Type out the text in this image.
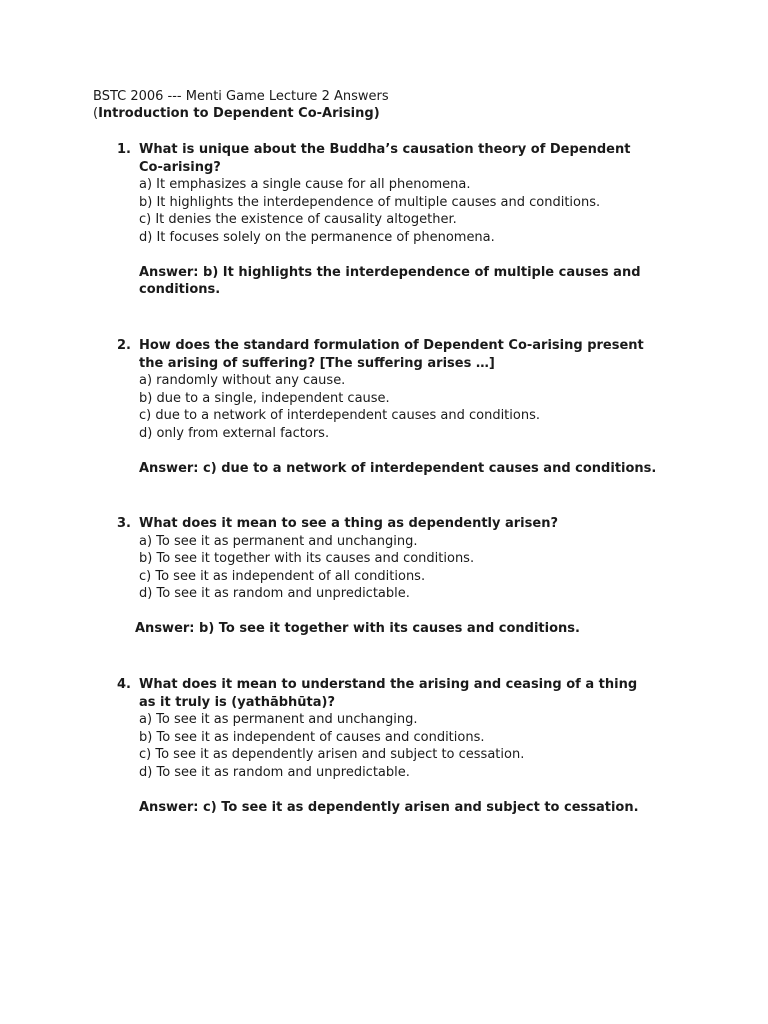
BSTC 2006 --- Menti Game Lecture 2 Answers
(Introduction to Dependent Co-Arising)
1. What is unique about the Buddha’s causation theory of Dependent Co-arising?
a) It emphasizes a single cause for all phenomena.
b) It highlights the interdependence of multiple causes and conditions.
c) It denies the existence of causality altogether.
d) It focuses solely on the permanence of phenomena.
Answer: b) It highlights the interdependence of multiple causes and conditions.
2. How does the standard formulation of Dependent Co-arising present the arising of suffering? [The suffering arises …]
a) randomly without any cause.
b) due to a single, independent cause.
c) due to a network of interdependent causes and conditions.
d) only from external factors.
Answer: c) due to a network of interdependent causes and conditions.
3. What does it mean to see a thing as dependently arisen?
a) To see it as permanent and unchanging.
b) To see it together with its causes and conditions.
c) To see it as independent of all conditions.
d) To see it as random and unpredictable.
Answer: b) To see it together with its causes and conditions.
4. What does it mean to understand the arising and ceasing of a thing as it truly is (yathābhūta)?
a) To see it as permanent and unchanging.
b) To see it as independent of causes and conditions.
c) To see it as dependently arisen and subject to cessation.
d) To see it as random and unpredictable.
Answer: c) To see it as dependently arisen and subject to cessation.
